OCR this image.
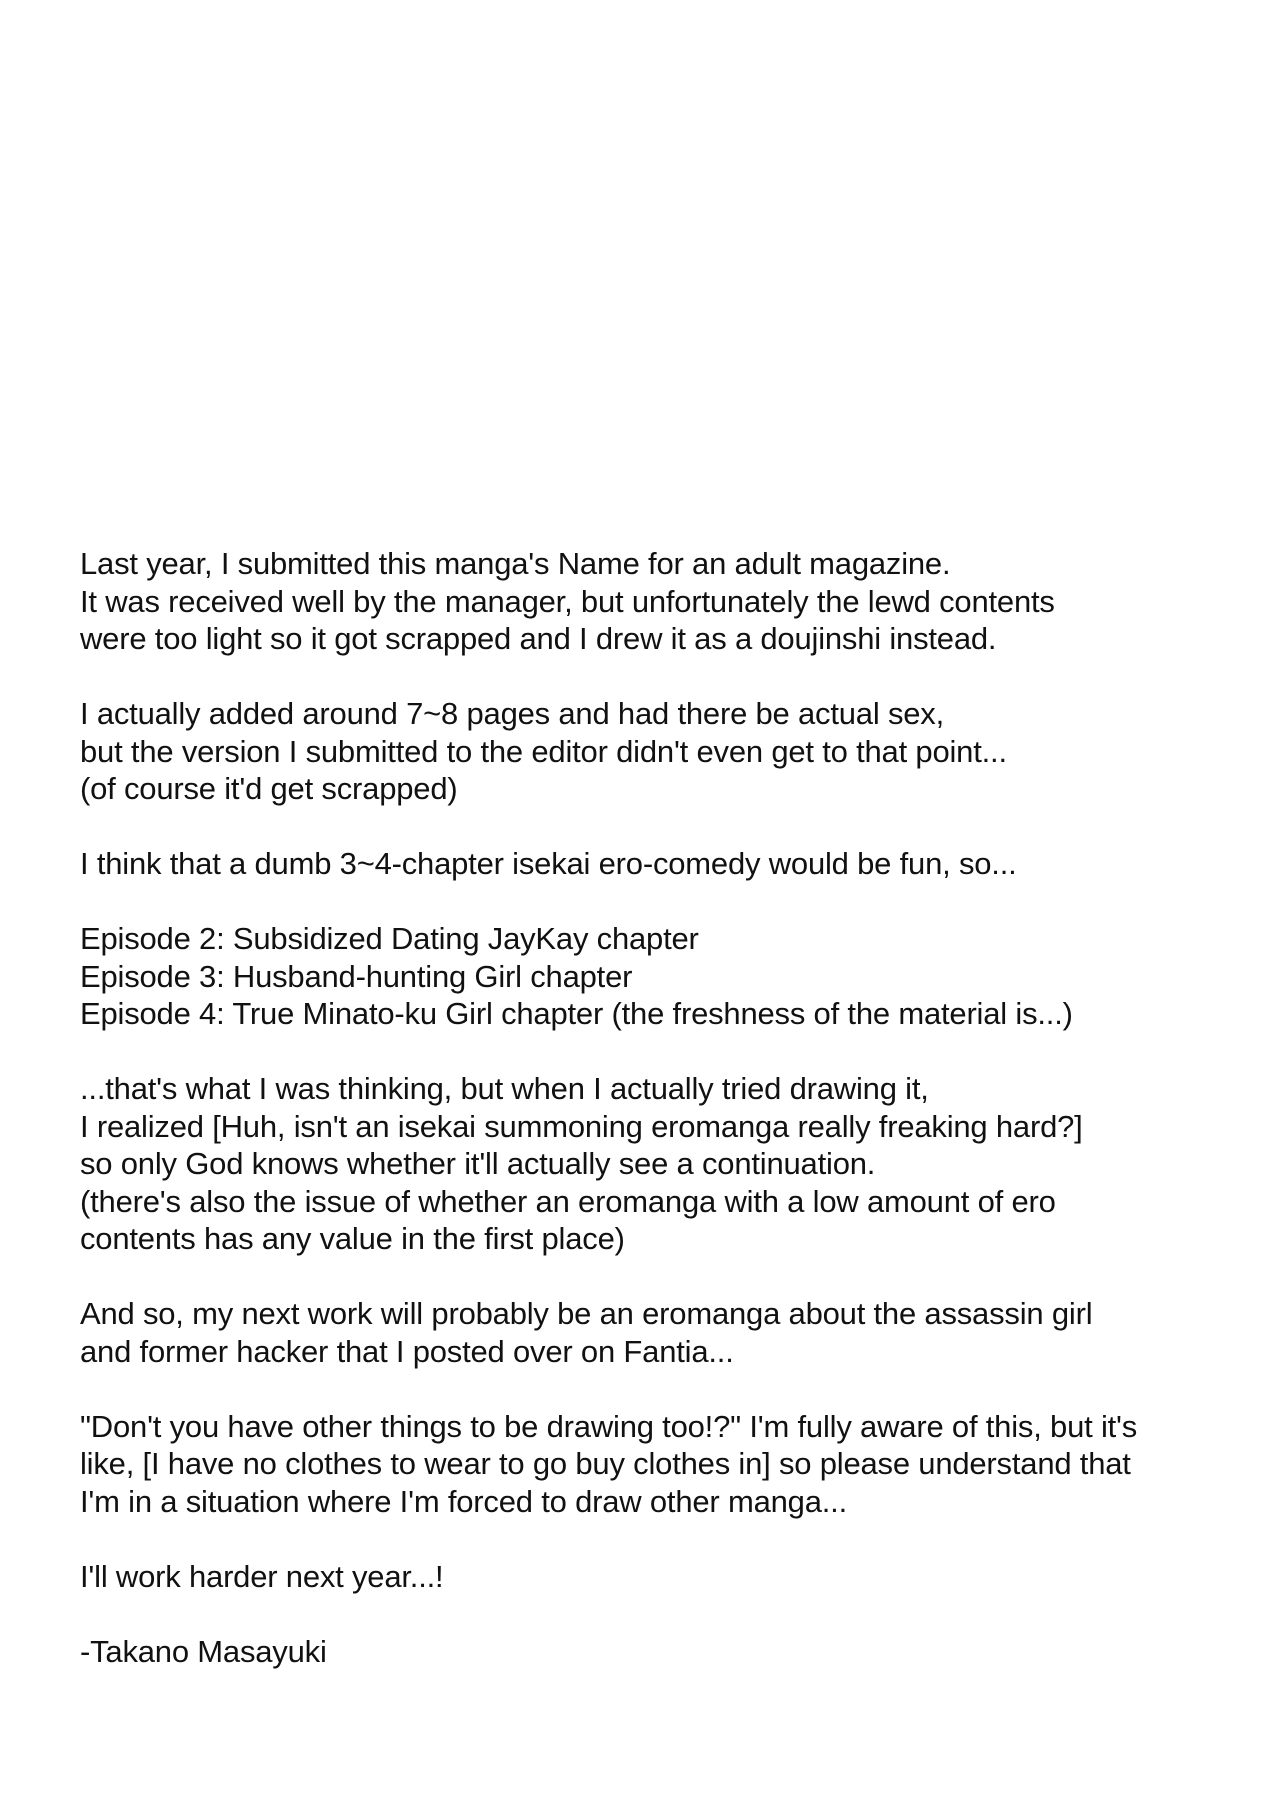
Last year, I submitted this manga's Name for an adult magazine.
It was received well by the manager, but unfortunately the lewd contents
were too light so it got scrapped and I drew it as a doujinshi instead.
I actually added around 7~8 pages and had there be actual sex,
but the version I submitted to the editor didn't even get to that point...
(of course it'd get scrapped)
I think that a dumb 3~4-chapter isekai ero-comedy would be fun, so...
Episode 2: Subsidized Dating JayKay chapter
Episode 3: Husband-hunting Girl chapter
Episode 4: True Minato-ku Girl chapter (the freshness of the material is...)
...that's what I was thinking, but when I actually tried drawing it,
I realized [Huh, isn't an isekai summoning eromanga really freaking hard?]
so only God knows whether it'll actually see a continuation.
(there's also the issue of whether an eromanga with a low amount of ero
contents has any value in the first place)
And so, my next work will probably be an eromanga about the assassin girl
and former hacker that I posted over on Fantia...
"Don't you have other things to be drawing too!?" I'm fully aware of this, but it's
like, [I have no clothes to wear to go buy clothes in] so please understand that
I'm in a situation where I'm forced to draw other manga...
I'll work harder next year...!
-Takano Masayuki
